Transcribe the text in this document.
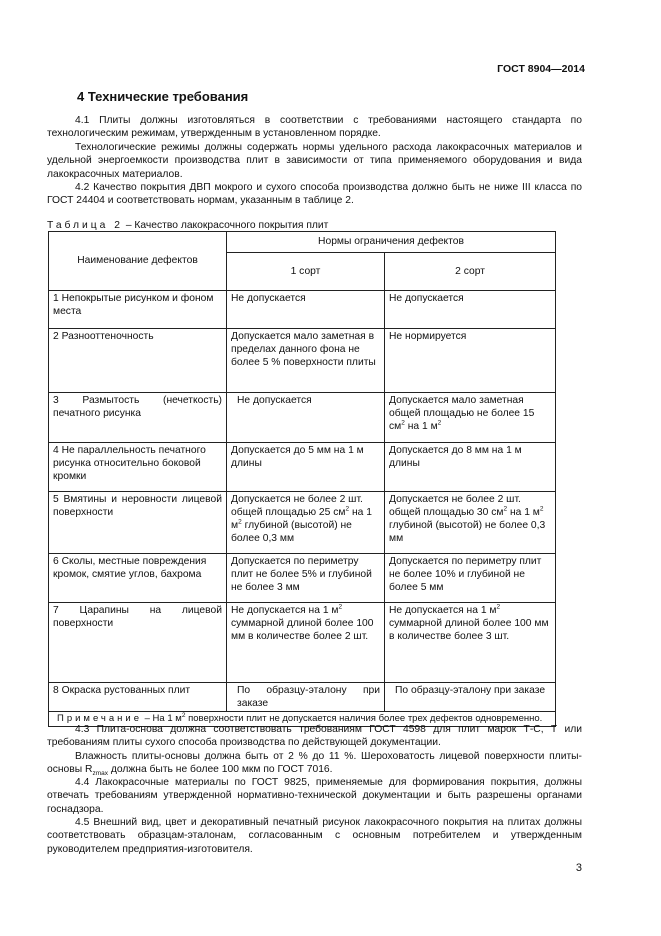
ГОСТ 8904—2014
4 Технические требования
4.1 Плиты должны изготовляться в соответствии с требованиями настоящего стандарта по технологическим режимам, утвержденным в установленном порядке.
Технологические режимы должны содержать нормы удельного расхода лакокрасочных материалов и удельной энергоемкости производства плит в зависимости от типа применяемого оборудования и вида лакокрасочных материалов.
4.2 Качество покрытия ДВП мокрого и сухого способа производства должно быть не ниже III класса по ГОСТ 24404 и соответствовать нормам, указанным в таблице 2.
Таблица 2 – Качество лакокрасочного покрытия плит
Наименование дефектов	Нормы ограничения дефектов	
	1 сорт	2 сорт
1 Непокрытые рисунком и фоном места	Не допускается	Не допускается
2 Разнооттеночность	Допускается мало заметная в пределах данного фона не более 5 % поверхности плиты	Не нормируется
3 Размытость (нечеткость) печатного рисунка	Не допускается	Допускается мало заметная общей площадью не более 15 $см^2$ на 1 $м^2$
4 Не параллельность печатного рисунка относительно боковой кромки	Допускается до 5 мм на 1 м длины	Допускается до 8 мм на 1 м длины
5 Вмятины и неровности лицевой поверхности	Допускается не более 2 шт. общей площадью 25 $см^2$ на 1 $м^2$ глубиной (высотой) не более 0,3 мм	Допускается не более 2 шт. общей площадью 30 $см^2$ на 1 $м^2$ глубиной (высотой) не более 0,3 мм
6 Сколы, местные повреждения кромок, смятие углов, бахрома	Допускается по периметру плит не более 5% и глубиной не более 3 мм	Допускается по периметру плит не более 10% и глубиной не более 5 мм
7 Царапины на лицевой поверхности	Не допускается на 1 $м^2$ суммарной длиной более 100 мм в количестве более 2 шт.	Не допускается на 1 $м^2$ суммарной длиной более 100 мм в количестве более 3 шт.
8 Окраска рустованных плит	По образцу-эталону при заказе	По образцу-эталону при заказе
Примечание – На 1 $м^2$ поверхности плит не допускается наличия более трех дефектов одновременно.		
4.3 Плита-основа должна соответствовать требованиям ГОСТ 4598 для плит марок Т-С, Т или требованиям плиты сухого способа производства по действующей документации.
Влажность плиты-основы должна быть от 2 % до 11 %. Шероховатость лицевой поверхности плиты-основы $R_{zmax}$ должна быть не более 100 мкм по ГОСТ 7016.
4.4 Лакокрасочные материалы по ГОСТ 9825, применяемые для формирования покрытия, должны отвечать требованиям утвержденной нормативно-технической документации и быть разрешены органами госнадзора.
4.5 Внешний вид, цвет и декоративный печатный рисунок лакокрасочного покрытия на плитах должны соответствовать образцам-эталонам, согласованным с основным потребителем и утвержденным руководителем предприятия-изготовителя.
3
